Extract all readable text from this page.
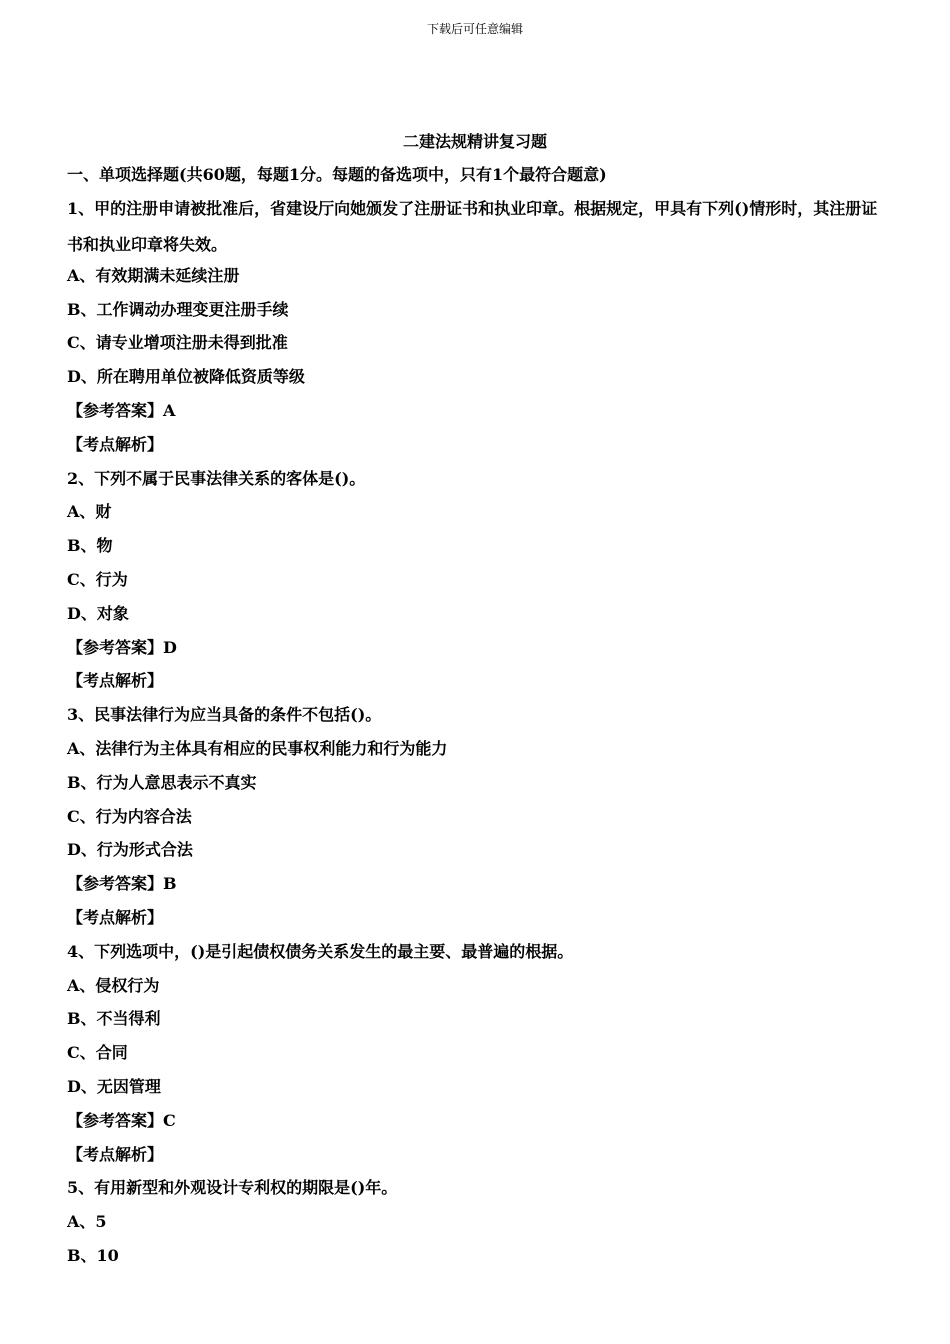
下载后可任意编辑
二建法规精讲复习题
一、单项选择题(共60题，每题1分。每题的备选项中，只有1个最符合题意)
1、甲的注册申请被批准后，省建设厅向她颁发了注册证书和执业印章。根据规定，甲具有下列()情形时，其注册证书和执业印章将失效。
A、有效期满未延续注册
B、工作调动办理变更注册手续
C、请专业增项注册未得到批准
D、所在聘用单位被降低资质等级
【参考答案】A
【考点解析】
2、下列不属于民事法律关系的客体是()。
A、财
B、物
C、行为
D、对象
【参考答案】D
【考点解析】
3、民事法律行为应当具备的条件不包括()。
A、法律行为主体具有相应的民事权利能力和行为能力
B、行为人意思表示不真实
C、行为内容合法
D、行为形式合法
【参考答案】B
【考点解析】
4、下列选项中，()是引起债权债务关系发生的最主要、最普遍的根据。
A、侵权行为
B、不当得利
C、合同
D、无因管理
【参考答案】C
【考点解析】
5、有用新型和外观设计专利权的期限是()年。
A、5
B、10
